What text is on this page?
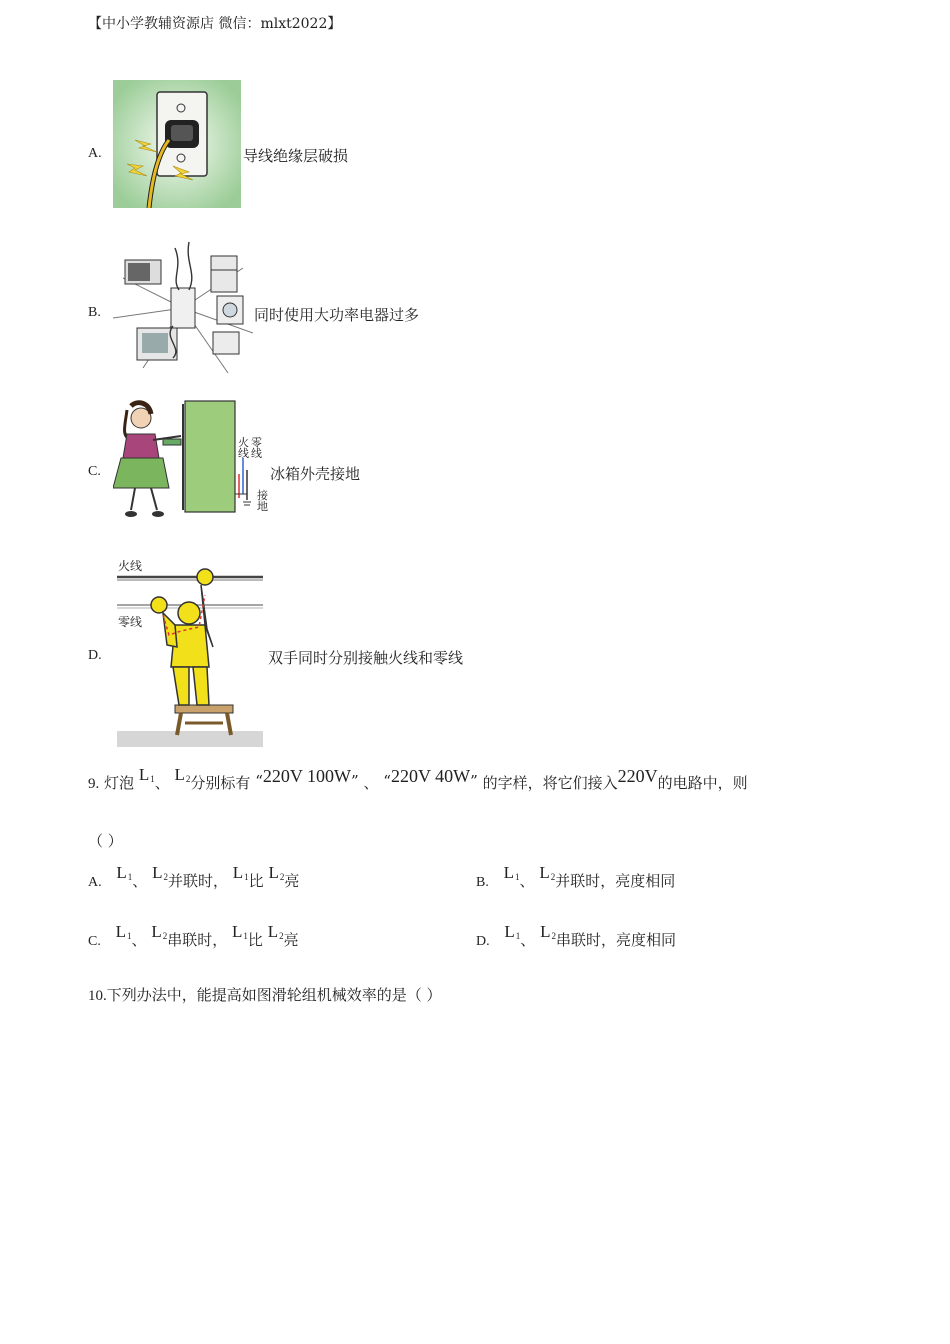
【中小学教辅资源店 微信：mlxt2022】
A.	导线绝缘层破损
B.	同时使用大功率电器过多
C.
火线
零线
接地
冰箱外壳接地
D.
火线
零线
双手同时分别接触火线和零线
9. 灯泡 $L_1$、 $L_2$分别标有 “220V 100W” 、 “220V 40W” 的字样，将它们接入220V的电路中，则
（ ）
A. $L_1$、 $L_2$并联时， $L_1$比 $L_2$亮	B. $L_1$、 $L_2$并联时，亮度相同
C. $L_1$、 $L_2$串联时， $L_1$比 $L_2$亮	D. $L_1$、 $L_2$串联时，亮度相同
10.下列办法中，能提高如图滑轮组机械效率的是（ ）
